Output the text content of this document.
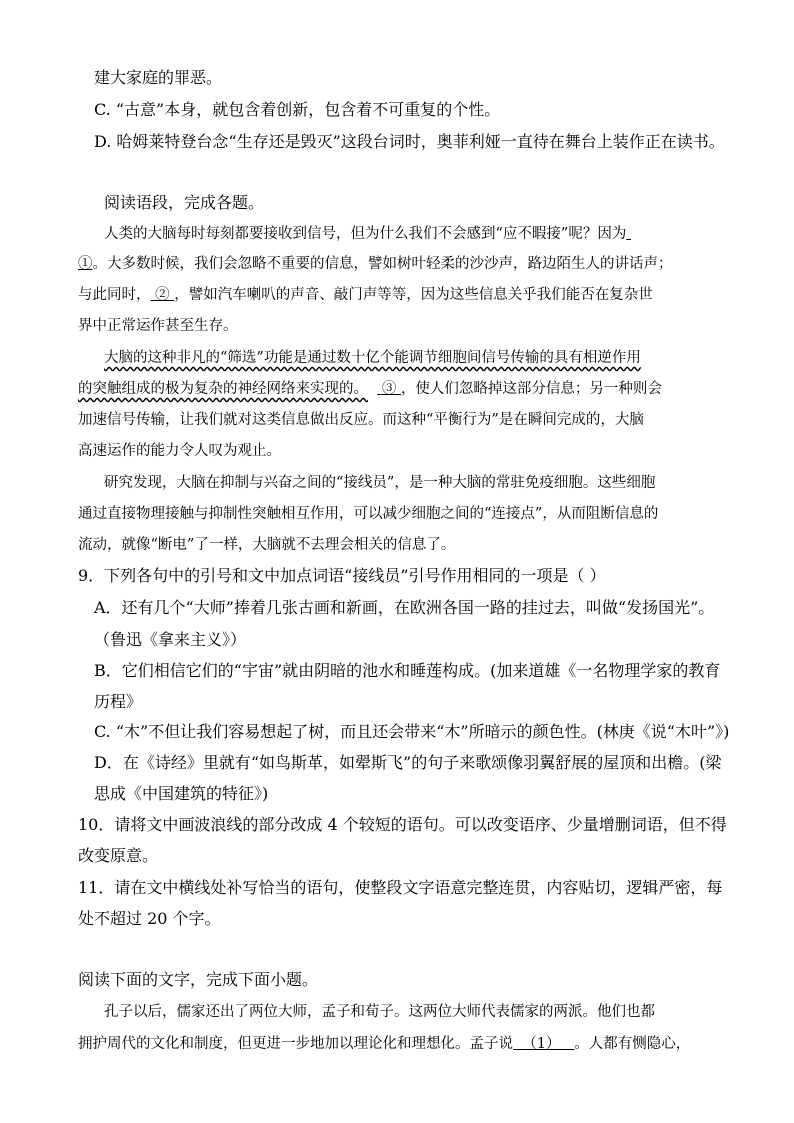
建大家庭的罪恶。
C. “古意”本身，就包含着创新，包含着不可重复的个性。
D. 哈姆莱特登台念“生存还是毁灭”这段台词时，奥菲利娅一直待在舞台上装作正在读书。
阅读语段，完成各题。
人类的大脑每时每刻都要接收到信号，但为什么我们不会感到“应不暇接”呢？因为
①。大多数时候，我们会忽略不重要的信息，譬如树叶轻柔的沙沙声，路边陌生人的讲话声；
与此同时， ② ，譬如汽车喇叭的声音、敲门声等等，因为这些信息关乎我们能否在复杂世
界中正常运作甚至生存。
大脑的这种非凡的“筛选”功能是通过数十亿个能调节细胞间信号传输的具有相逆作用
的突触组成的极为复杂的神经网络来实现的。 ③ ，使人们忽略掉这部分信息；另一种则会
加速信号传输，让我们就对这类信息做出反应。而这种“平衡行为”是在瞬间完成的，大脑
高速运作的能力令人叹为观止。
研究发现，大脑在抑制与兴奋之间的“接线员”，是一种大脑的常驻免疫细胞。这些细胞
通过直接物理接触与抑制性突触相互作用，可以减少细胞之间的“连接点”，从而阻断信息的
流动，就像“断电”了一样，大脑就不去理会相关的信息了。
9．下列各句中的引号和文中加点词语“接线员”引号作用相同的一项是（ ）
A．还有几个“大师”捧着几张古画和新画，在欧洲各国一路的挂过去，叫做“发扬国光”。
（鲁迅《拿来主义》）
B．它们相信它们的“宇宙”就由阴暗的池水和睡莲构成。(加来道雄《一名物理学家的教育
历程》
C. “木”不但让我们容易想起了树，而且还会带来“木”所暗示的颜色性。(林庚《说“木叶”》)
D．在《诗经》里就有“如鸟斯革，如翚斯飞”的句子来歌颂像羽翼舒展的屋顶和出檐。(梁
思成《中国建筑的特征》)
10．请将文中画波浪线的部分改成 4 个较短的语句。可以改变语序、少量增删词语，但不得
改变原意。
11．请在文中横线处补写恰当的语句，使整段文字语意完整连贯，内容贴切，逻辑严密，每
处不超过 20 个字。
阅读下面的文字，完成下面小题。
孔子以后，儒家还出了两位大师，孟子和荀子。这两位大师代表儒家的两派。他们也都
拥护周代的文化和制度，但更进一步地加以理论化和理想化。孟子说 （1） 。人都有恻隐心，
